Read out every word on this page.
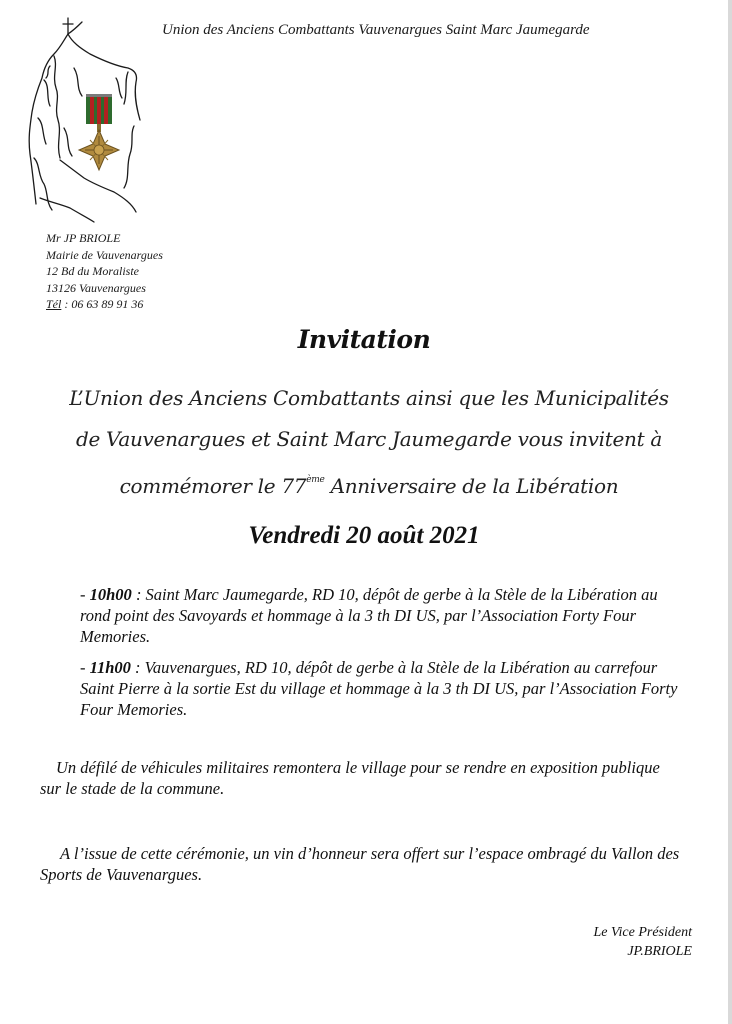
Union des Anciens Combattants Vauvenargues Saint Marc Jaumegarde
Mr JP BRIOLE
Mairie de Vauvenargues
12 Bd du Moraliste
13126 Vauvenargues
Tél : 06 63 89 91 36
Invitation
L’Union des Anciens Combattants ainsi que les Municipalités
de Vauvenargues et Saint Marc Jaumegarde vous invitent à
commémorer le 77ème Anniversaire de la Libération
Vendredi 20 août 2021
- 10h00 : Saint Marc Jaumegarde, RD 10, dépôt de gerbe à la Stèle de la Libération au rond point des Savoyards et hommage à la 3 th DI US, par l’Association Forty Four Memories.
- 11h00 : Vauvenargues, RD 10, dépôt de gerbe à la Stèle de la Libération au carrefour Saint Pierre à la sortie Est du village et hommage à la 3 th DI US, par l’Association Forty Four Memories.
Un défilé de véhicules militaires remontera le village pour se rendre en exposition publique sur le stade de la commune.
A l’issue de cette cérémonie, un vin d’honneur sera offert sur l’espace ombragé du Vallon des Sports de Vauvenargues.
Le Vice Président
JP.BRIOLE
